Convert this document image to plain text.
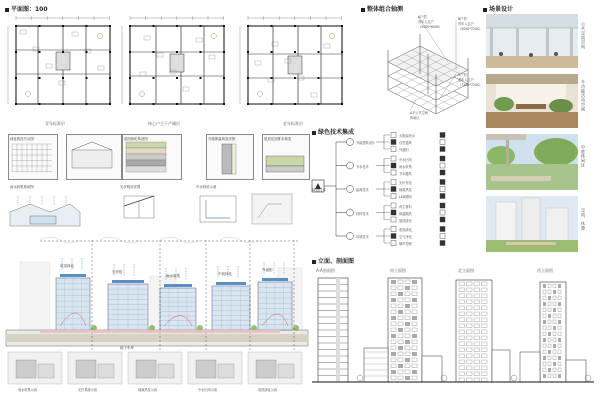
平面图：100	整体组合轴测	场景设计
绿色技术集成
立面、剖面图
青年标准层	核心户主下产城层	老年标准层
A户型
青年人住户
（3000*6000）
B户型
青年人住户
（3000*7200）
C户型
老年人住户
（7200*7200）
A半公共空间
休闲区
公共交流空间
多功能活动空间
中庭休闲区
交流、休憩
绿色技术
节能建筑设计
太阳能热水
自然通风
外遮阳
节水技术
中水回用
雨水收集
节水器具
能源技术
光伏发电
地源热泵
LED照明
材料技术
再生材料
保温隔热
屋顶绿化
环境技术
垂直绿化
空气净化
噪声控制
绿化构造节点图	屋面绿化构造图	外墙保温构造详图	屋顶花园排水构造
雨水收集系统图	光伏构造详图	中水回用示意
屋顶绿化
光伏板
雨水收集
地下车库
中庭绿化
外遮阳
雨水收集示意	光伏系统示意	地源热泵示意	中水回用示意	屋顶绿化示意
A-A剖面图	南立面图	北立面图	西立面图
